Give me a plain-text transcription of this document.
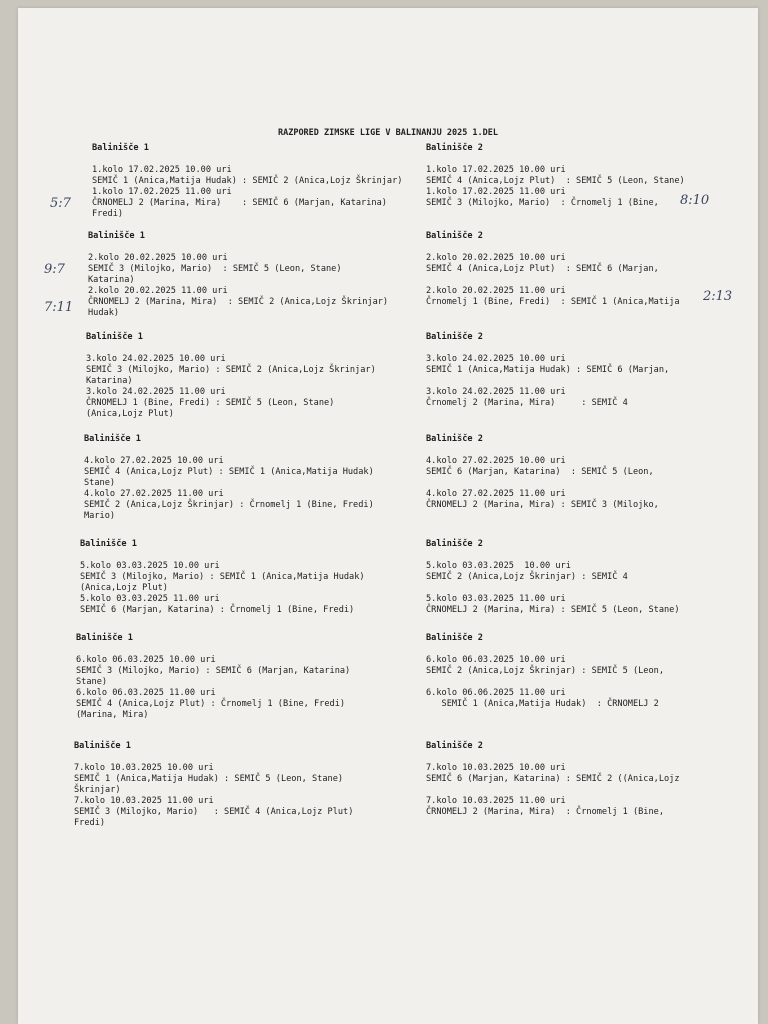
RAZPORED ZIMSKE LIGE V BALINANJU 2025 1.DEL
Balinišče 1
1.kolo 17.02.2025 10.00 uri
SEMIČ 1 (Anica,Matija Hudak) : SEMIČ 2 (Anica,Lojz Škrinjar)
1.kolo 17.02.2025 11.00 uri
ČRNOMELJ 2 (Marina, Mira)    : SEMIČ 6 (Marjan, Katarina)
Fredi)
Balinišče 1
2.kolo 20.02.2025 10.00 uri
SEMIČ 3 (Milojko, Mario)  : SEMIČ 5 (Leon, Stane)
Katarina)
2.kolo 20.02.2025 11.00 uri
ČRNOMELJ 2 (Marina, Mira)  : SEMIČ 2 (Anica,Lojz Škrinjar)
Hudak)
Balinišče 1
3.kolo 24.02.2025 10.00 uri
SEMIČ 3 (Milojko, Mario) : SEMIČ 2 (Anica,Lojz Škrinjar)
Katarina)
3.kolo 24.02.2025 11.00 uri
ČRNOMELJ 1 (Bine, Fredi) : SEMIČ 5 (Leon, Stane)
(Anica,Lojz Plut)
Balinišče 1
4.kolo 27.02.2025 10.00 uri
SEMIČ 4 (Anica,Lojz Plut) : SEMIČ 1 (Anica,Matija Hudak)
Stane)
4.kolo 27.02.2025 11.00 uri
SEMIČ 2 (Anica,Lojz Škrinjar) : Črnomelj 1 (Bine, Fredi)
Mario)
Balinišče 1
5.kolo 03.03.2025 10.00 uri
SEMIČ 3 (Milojko, Mario) : SEMIČ 1 (Anica,Matija Hudak)
(Anica,Lojz Plut)
5.kolo 03.03.2025 11.00 uri
SEMIČ 6 (Marjan, Katarina) : Črnomelj 1 (Bine, Fredi)
Balinišče 1
6.kolo 06.03.2025 10.00 uri
SEMIČ 3 (Milojko, Mario) : SEMIČ 6 (Marjan, Katarina)
Stane)
6.kolo 06.03.2025 11.00 uri
SEMIČ 4 (Anica,Lojz Plut) : Črnomelj 1 (Bine, Fredi)
(Marina, Mira)
Balinišče 1
7.kolo 10.03.2025 10.00 uri
SEMIČ 1 (Anica,Matija Hudak) : SEMIČ 5 (Leon, Stane)
Škrinjar)
7.kolo 10.03.2025 11.00 uri
SEMIČ 3 (Milojko, Mario)   : SEMIČ 4 (Anica,Lojz Plut)
Fredi)
Balinišče 2
1.kolo 17.02.2025 10.00 uri
SEMIČ 4 (Anica,Lojz Plut)  : SEMIČ 5 (Leon, Stane)
1.kolo 17.02.2025 11.00 uri
SEMIČ 3 (Milojko, Mario)  : Črnomelj 1 (Bine,
Balinišče 2
2.kolo 20.02.2025 10.00 uri
SEMIČ 4 (Anica,Lojz Plut)  : SEMIČ 6 (Marjan,
2.kolo 20.02.2025 11.00 uri
Črnomelj 1 (Bine, Fredi)  : SEMIČ 1 (Anica,Matija
Balinišče 2
3.kolo 24.02.2025 10.00 uri
SEMIČ 1 (Anica,Matija Hudak) : SEMIČ 6 (Marjan,
3.kolo 24.02.2025 11.00 uri
Črnomelj 2 (Marina, Mira)     : SEMIČ 4
Balinišče 2
4.kolo 27.02.2025 10.00 uri
SEMIČ 6 (Marjan, Katarina)  : SEMIČ 5 (Leon,
4.kolo 27.02.2025 11.00 uri
ČRNOMELJ 2 (Marina, Mira) : SEMIČ 3 (Milojko,
Balinišče 2
5.kolo 03.03.2025  10.00 uri
SEMIČ 2 (Anica,Lojz Škrinjar) : SEMIČ 4
5.kolo 03.03.2025 11.00 uri
ČRNOMELJ 2 (Marina, Mira) : SEMIČ 5 (Leon, Stane)
Balinišče 2
6.kolo 06.03.2025 10.00 uri
SEMIČ 2 (Anica,Lojz Škrinjar) : SEMIČ 5 (Leon,
6.kolo 06.06.2025 11.00 uri
SEMIČ 1 (Anica,Matija Hudak)  : ČRNOMELJ 2
Balinišče 2
7.kolo 10.03.2025 10.00 uri
SEMIČ 6 (Marjan, Katarina) : SEMIČ 2 ((Anica,Lojz
7.kolo 10.03.2025 11.00 uri
ČRNOMELJ 2 (Marina, Mira)  : Črnomelj 1 (Bine,
5:7	8:10
9:7
7:11
2:13
